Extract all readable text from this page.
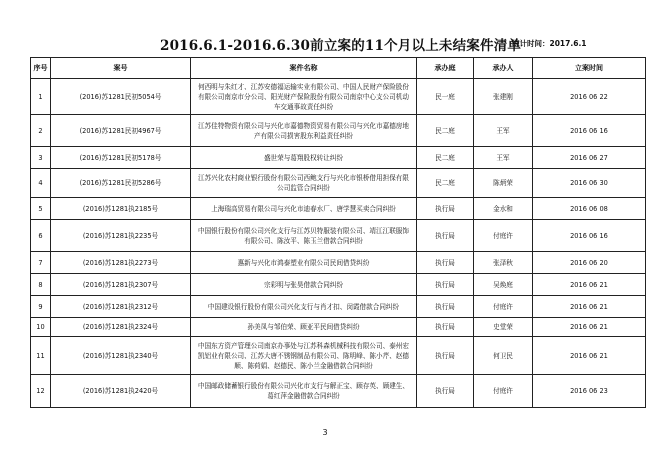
2016.6.1-2016.6.30前立案的11个月以上未结案件清单
统计时间：2017.6.1
序号	案号	案件名称	承办庭	承办人	立案时间
1	(2016)苏1281民初5054号	何西明与朱红才、江苏安德福运输实业有限公司、中国人民财产保险股份有限公司南京市分公司、阳光财产保险股份有限公司南京中心支公司机动车交通事故责任纠纷	民一庭	张建刚	2016 06 22
2	(2016)苏1281民初4967号	江苏佳特物资有限公司与兴化市嘉德物资贸易有限公司与兴化市嘉德房地产有限公司损害股东利益责任纠纷	民二庭	王军	2016 06 16
3	(2016)苏1281民初5178号	盛世荣与葛翔股权转让纠纷	民二庭	王军	2016 06 27
4	(2016)苏1281民初5286号	江苏兴化农村商业银行股份有限公司西鲍支行与兴化市银桥借用担保有限公司监管合同纠纷	民二庭	陈炳荣	2016 06 30
5	(2016)苏1281执2185号	上海瑞高贸易有限公司与兴化市迪春水厂、唐学慧买卖合同纠纷	执行局	金水和	2016 06 08
6	(2016)苏1281执2235号	中国银行股份有限公司兴化支行与江苏贝特服装有限公司、靖江江联服饰有限公司、陈汝平、陈玉兰借款合同纠纷	执行局	付庭许	2016 06 16
7	(2016)苏1281执2273号	惠新与兴化市鸿泰塑业有限公司民间借贷纠纷	执行局	张泽秋	2016 06 20
8	(2016)苏1281执2307号	宗彩明与张昊借款合同纠纷	执行局	吴焕庭	2016 06 21
9	(2016)苏1281执2312号	中国建设银行股份有限公司兴化支行与肖才扣、闵霞借款合同纠纷	执行局	付庭许	2016 06 21
10	(2016)苏1281执2324号	孙美凤与邹伯荣、顾亚平民间借贷纠纷	执行局	史堂荣	2016 06 21
11	(2016)苏1281执2340号	中国东方资产管理公司南京办事处与江苏科森机械科技有限公司、泰州宏凯铝业有限公司、江苏大唐不锈钢制品有限公司、陈明峰、陈小芹、赵德顺、陈荷娟、赵德民、陈小兰金融借款合同纠纷	执行局	何卫民	2016 06 21
12	(2016)苏1281执2420号	中国邮政储蓄银行股份有限公司兴化市支行与解正宝、顾存英、顾建生、葛红萍金融借款合同纠纷	执行局	付庭许	2016 06 23
3
